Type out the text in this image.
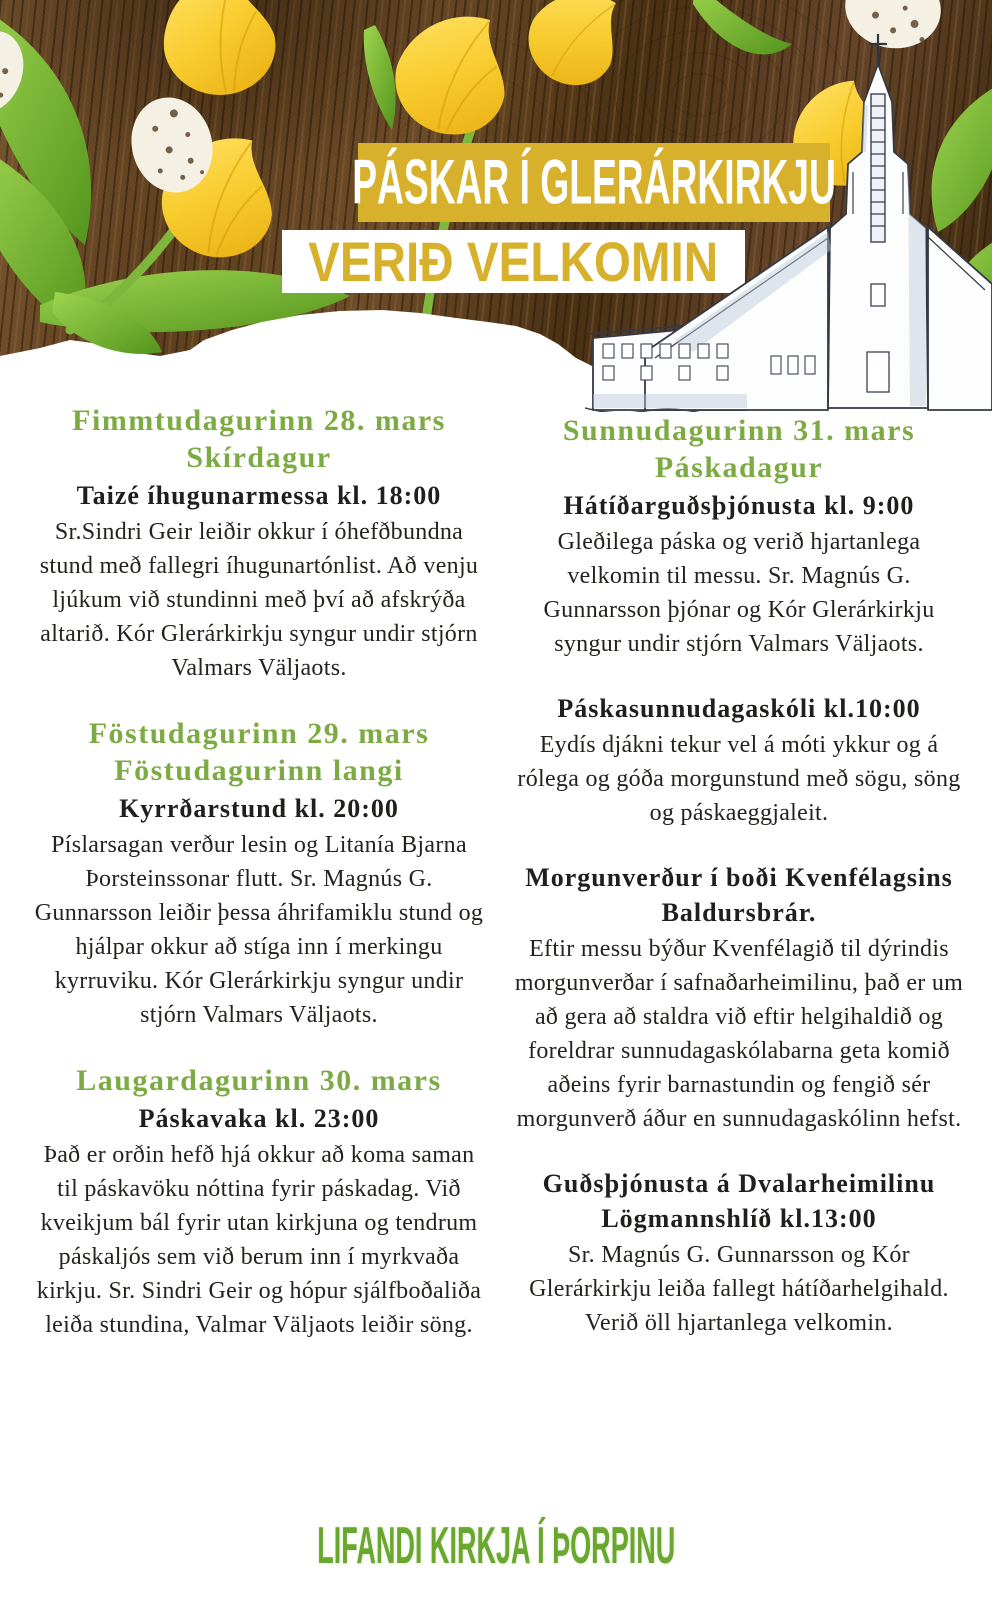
PÁSKAR Í GLERÁRKIRKJU
VERIÐ VELKOMIN
Fimmtudagurinn 28. mars
Skírdagur
Taizé íhugunarmessa kl. 18:00

Sr.Sindri Geir leiðir okkur í óhefðbundna stund með fallegri íhugunartónlist. Að venju ljúkum við stundinni með því að afskrýða altarið. Kór Glerárkirkju syngur undir stjórn Valmars Väljaots.

Föstudagurinn 29. mars
Föstudagurinn langi
Kyrrðarstund kl. 20:00

Píslarsagan verður lesin og Litanía Bjarna Þorsteinssonar flutt. Sr. Magnús G. Gunnarsson leiðir þessa áhrifamiklu stund og hjálpar okkur að stíga inn í merkingu kyrruviku. Kór Glerárkirkju syngur undir stjórn Valmars Väljaots.

Laugardagurinn 30. mars
Páskavaka kl. 23:00

Það er orðin hefð hjá okkur að koma saman til páskavöku nóttina fyrir páskadag. Við kveikjum bál fyrir utan kirkjuna og tendrum páskaljós sem við berum inn í myrkvaða kirkju. Sr. Sindri Geir og hópur sjálfboðaliða leiða stundina, Valmar Väljaots leiðir söng.

Sunnudagurinn 31. mars
Páskadagur
Hátíðarguðsþjónusta kl. 9:00

Gleðilega páska og verið hjartanlega velkomin til messu. Sr. Magnús G. Gunnarsson þjónar og Kór Glerárkirkju syngur undir stjórn Valmars Väljaots.

Páskasunnudagaskóli kl.10:00

Eydís djákni tekur vel á móti ykkur og á rólega og góða morgunstund með sögu, söng og páskaeggjaleit.

Morgunverður í boði Kvenfélagsins Baldursbrár.

Eftir messu býður Kvenfélagið til dýrindis morgunverðar í safnaðarheimilinu, það er um að gera að staldra við eftir helgihaldið og foreldrar sunnudagaskólabarna geta komið aðeins fyrir barnastundin og fengið sér morgunverð áður en sunnudagaskólinn hefst.

Guðsþjónusta á Dvalarheimilinu Lögmannshlíð kl.13:00

Sr. Magnús G. Gunnarsson og Kór Glerárkirkju leiða fallegt hátíðarhelgihald. Verið öll hjartanlega velkomin.

LIFANDI KIRKJA Í ÞORPINU
